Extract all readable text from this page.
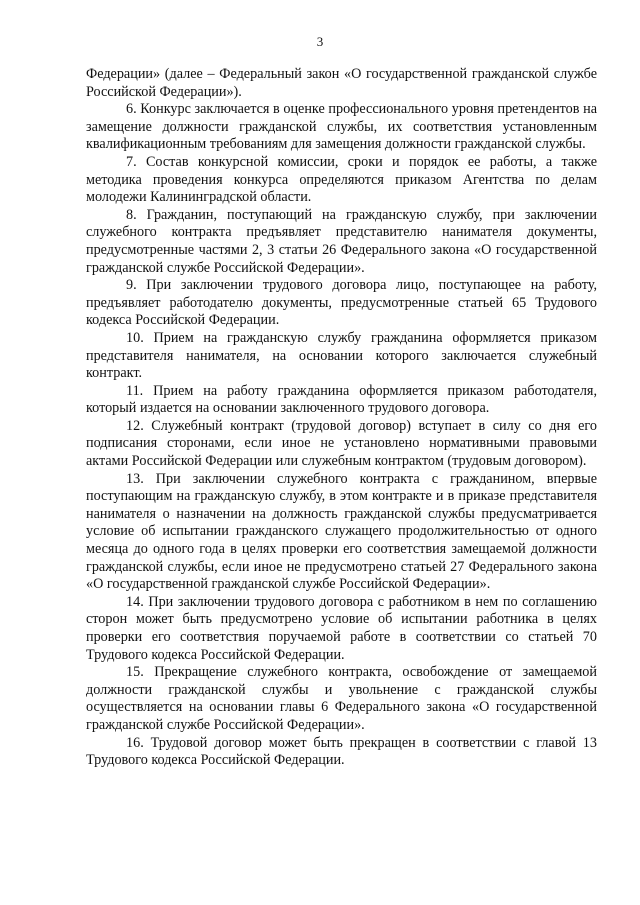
3

Федерации» (далее – Федеральный закон «О государственной гражданской службе Российской Федерации»).

6. Конкурс заключается в оценке профессионального уровня претендентов на замещение должности гражданской службы, их соответствия установленным квалификационным требованиям для замещения должности гражданской службы.

7. Состав конкурсной комиссии, сроки и порядок ее работы, а также методика проведения конкурса определяются приказом Агентства по делам молодежи Калининградской области.

8. Гражданин, поступающий на гражданскую службу, при заключении служебного контракта предъявляет представителю нанимателя документы, предусмотренные частями 2, 3 статьи 26 Федерального закона «О государственной гражданской службе Российской Федерации».

9. При заключении трудового договора лицо, поступающее на работу, предъявляет работодателю документы, предусмотренные статьей 65 Трудового кодекса Российской Федерации.

10. Прием на гражданскую службу гражданина оформляется приказом представителя нанимателя, на основании которого заключается служебный контракт.

11. Прием на работу гражданина оформляется приказом работодателя, который издается на основании заключенного трудового договора.

12. Служебный контракт (трудовой договор) вступает в силу со дня его подписания сторонами, если иное не установлено нормативными правовыми актами Российской Федерации или служебным контрактом (трудовым договором).

13. При заключении служебного контракта с гражданином, впервые поступающим на гражданскую службу, в этом контракте и в приказе представителя нанимателя о назначении на должность гражданской службы предусматривается условие об испытании гражданского служащего продолжительностью от одного месяца до одного года в целях проверки его соответствия замещаемой должности гражданской службы, если иное не предусмотрено статьей 27 Федерального закона «О государственной гражданской службе Российской Федерации».

14. При заключении трудового договора с работником в нем по соглашению сторон может быть предусмотрено условие об испытании работника в целях проверки его соответствия поручаемой работе в соответствии со статьей 70 Трудового кодекса Российской Федерации.

15. Прекращение служебного контракта, освобождение от замещаемой должности гражданской службы и увольнение с гражданской службы осуществляется на основании главы 6 Федерального закона «О государственной гражданской службе Российской Федерации».

16. Трудовой договор может быть прекращен в соответствии с главой 13 Трудового кодекса Российской Федерации.
